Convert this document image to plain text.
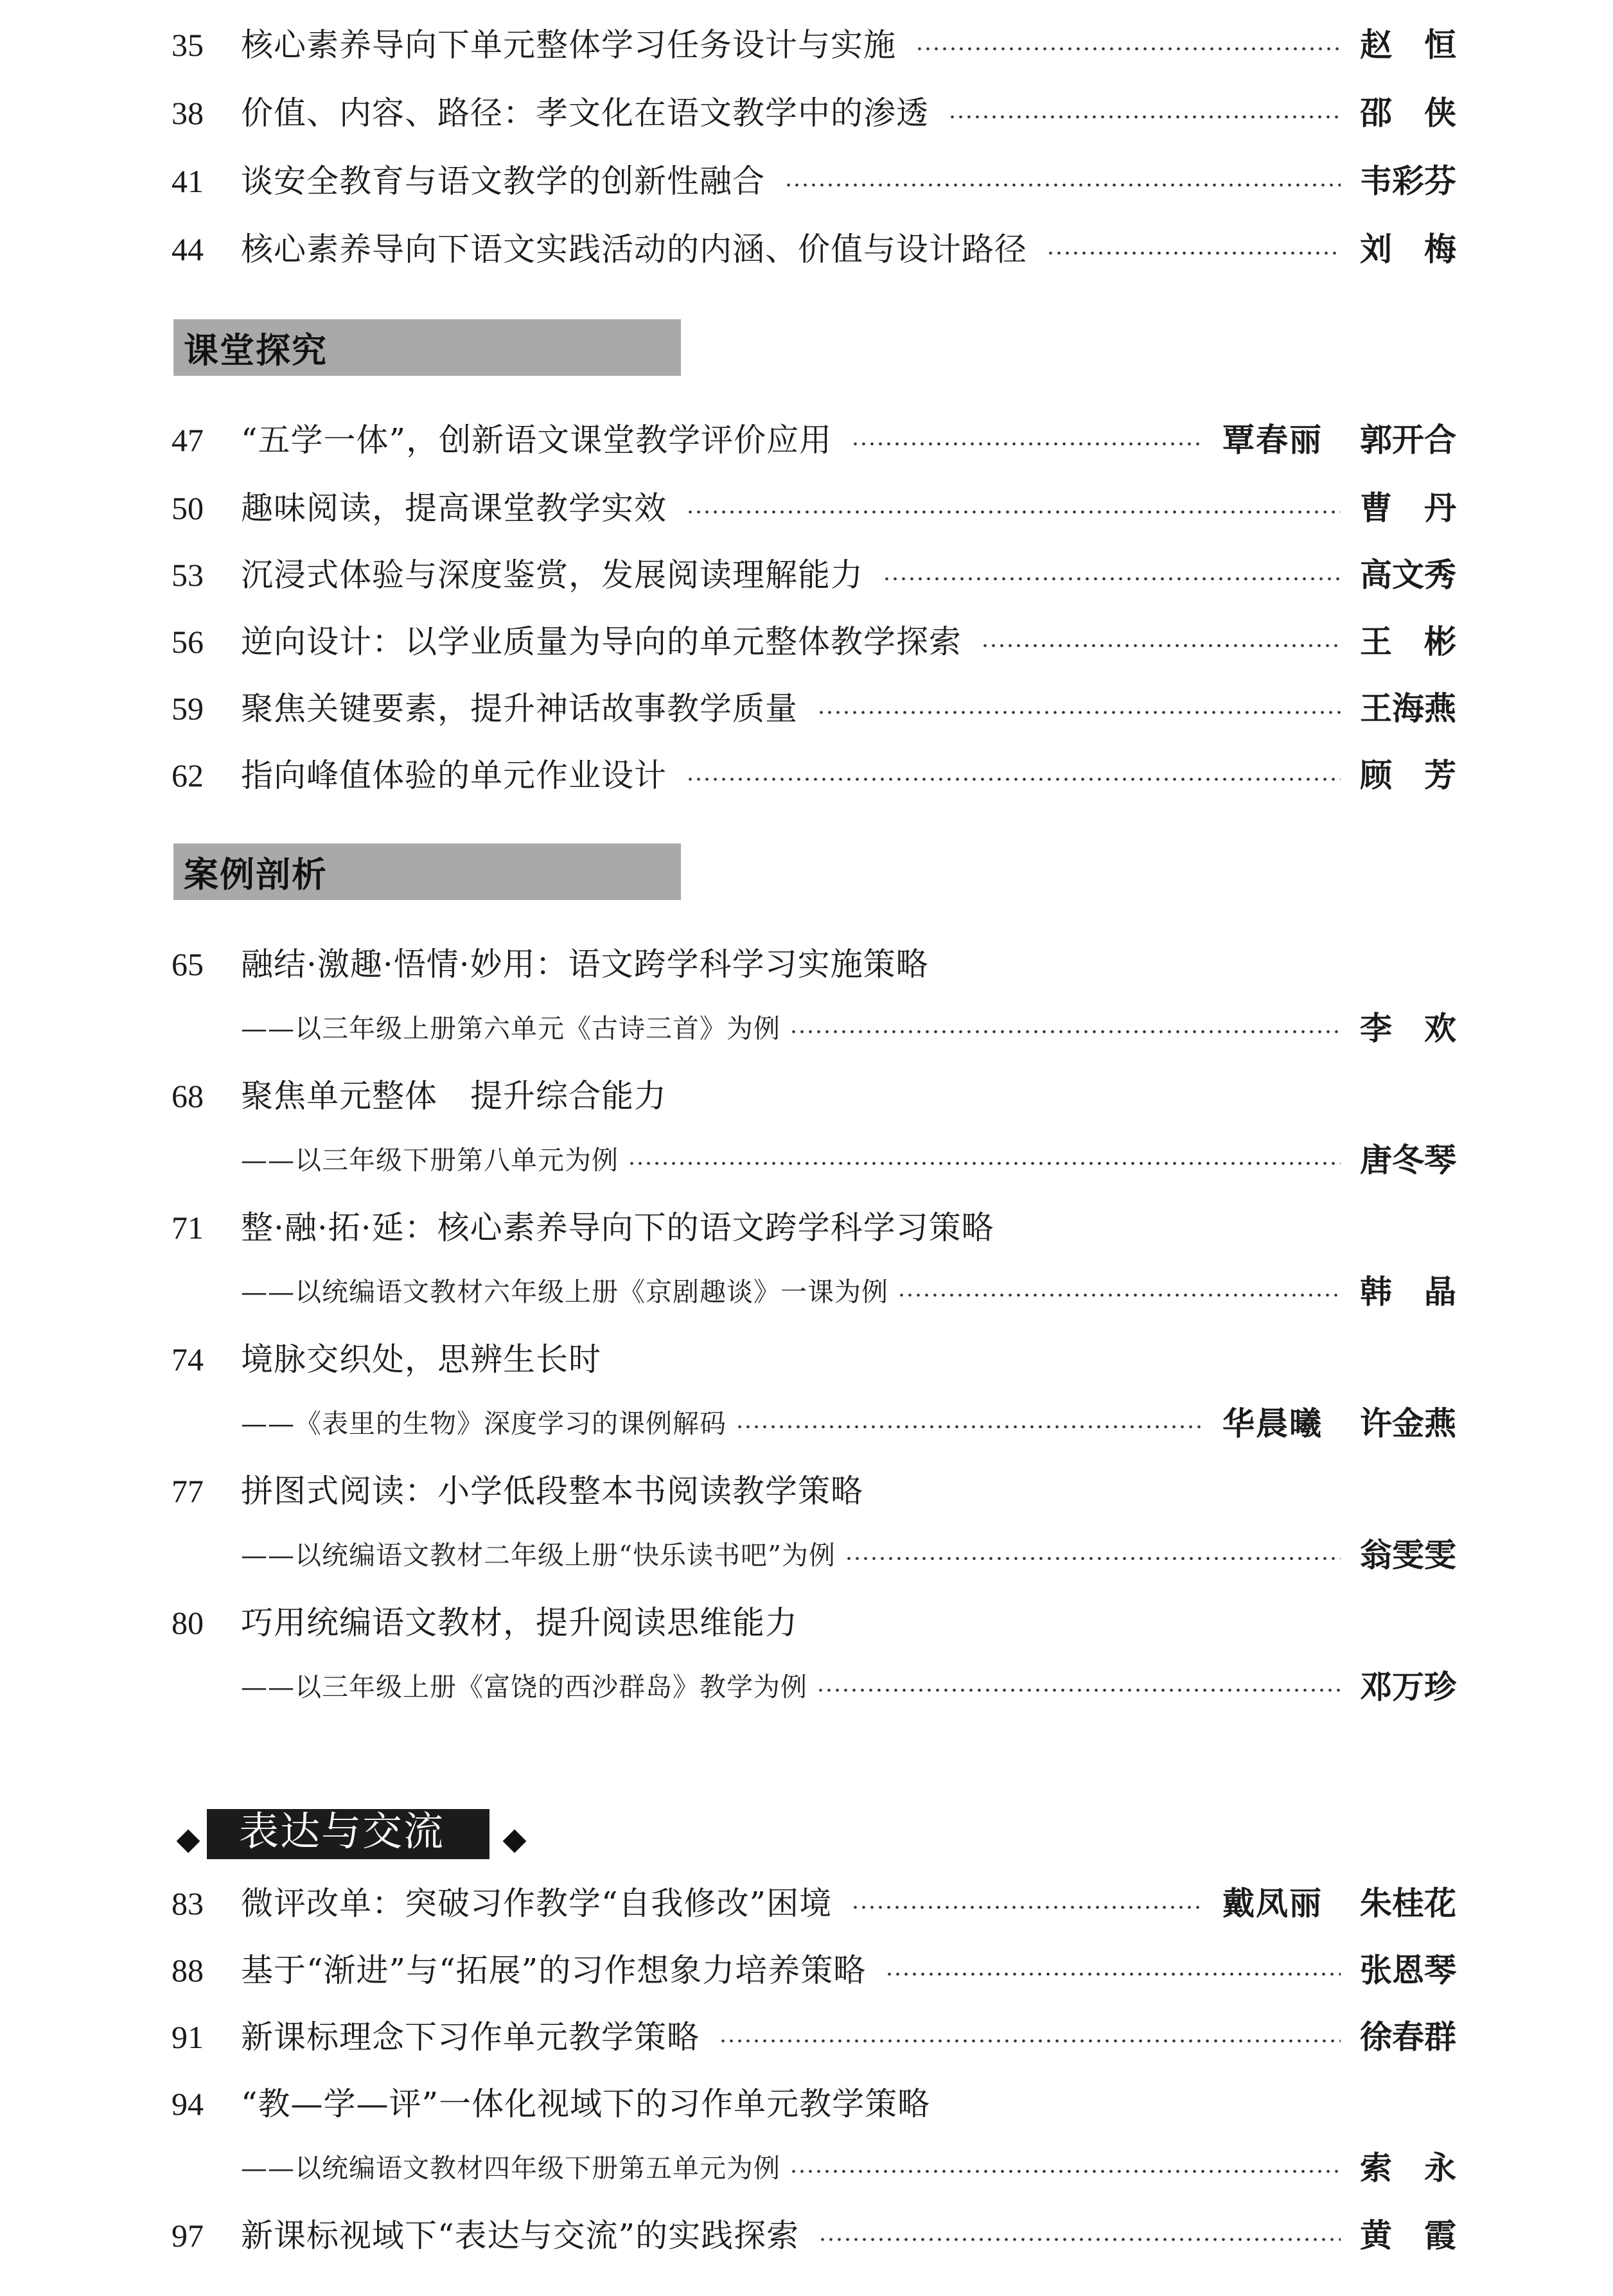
35	核心素养导向下单元整体学习任务设计与实施	赵　恒
38	价值、内容、路径：孝文化在语文教学中的渗透	邵　侠
41	谈安全教育与语文教学的创新性融合	韦彩芬
44	核心素养导向下语文实践活动的内涵、价值与设计路径	刘　梅
课堂探究
47	“五学一体”，创新语文课堂教学评价应用	覃春丽 郭开合
50	趣味阅读，提高课堂教学实效	曹　丹
53	沉浸式体验与深度鉴赏，发展阅读理解能力	高文秀
56	逆向设计：以学业质量为导向的单元整体教学探索	王　彬
59	聚焦关键要素，提升神话故事教学质量	王海燕
62	指向峰值体验的单元作业设计	顾　芳
案例剖析
65	融结·激趣·悟情·妙用：语文跨学科学习实施策略
——以三年级上册第六单元《古诗三首》为例	李　欢
68	聚焦单元整体　提升综合能力
——以三年级下册第八单元为例	唐冬琴
71	整·融·拓·延：核心素养导向下的语文跨学科学习策略
——以统编语文教材六年级上册《京剧趣谈》一课为例	韩　晶
74	境脉交织处，思辨生长时
——《表里的生物》深度学习的课例解码	华晨曦 许金燕
77	拼图式阅读：小学低段整本书阅读教学策略
——以统编语文教材二年级上册“快乐读书吧”为例	翁雯雯
80	巧用统编语文教材，提升阅读思维能力
——以三年级上册《富饶的西沙群岛》教学为例	邓万珍
表达与交流
83	微评改单：突破习作教学“自我修改”困境	戴凤丽 朱桂花
88	基于“渐进”与“拓展”的习作想象力培养策略	张恩琴
91	新课标理念下习作单元教学策略	徐春群
94	“教—学—评”一体化视域下的习作单元教学策略
——以统编语文教材四年级下册第五单元为例	索　永
97	新课标视域下“表达与交流”的实践探索	黄　霞
